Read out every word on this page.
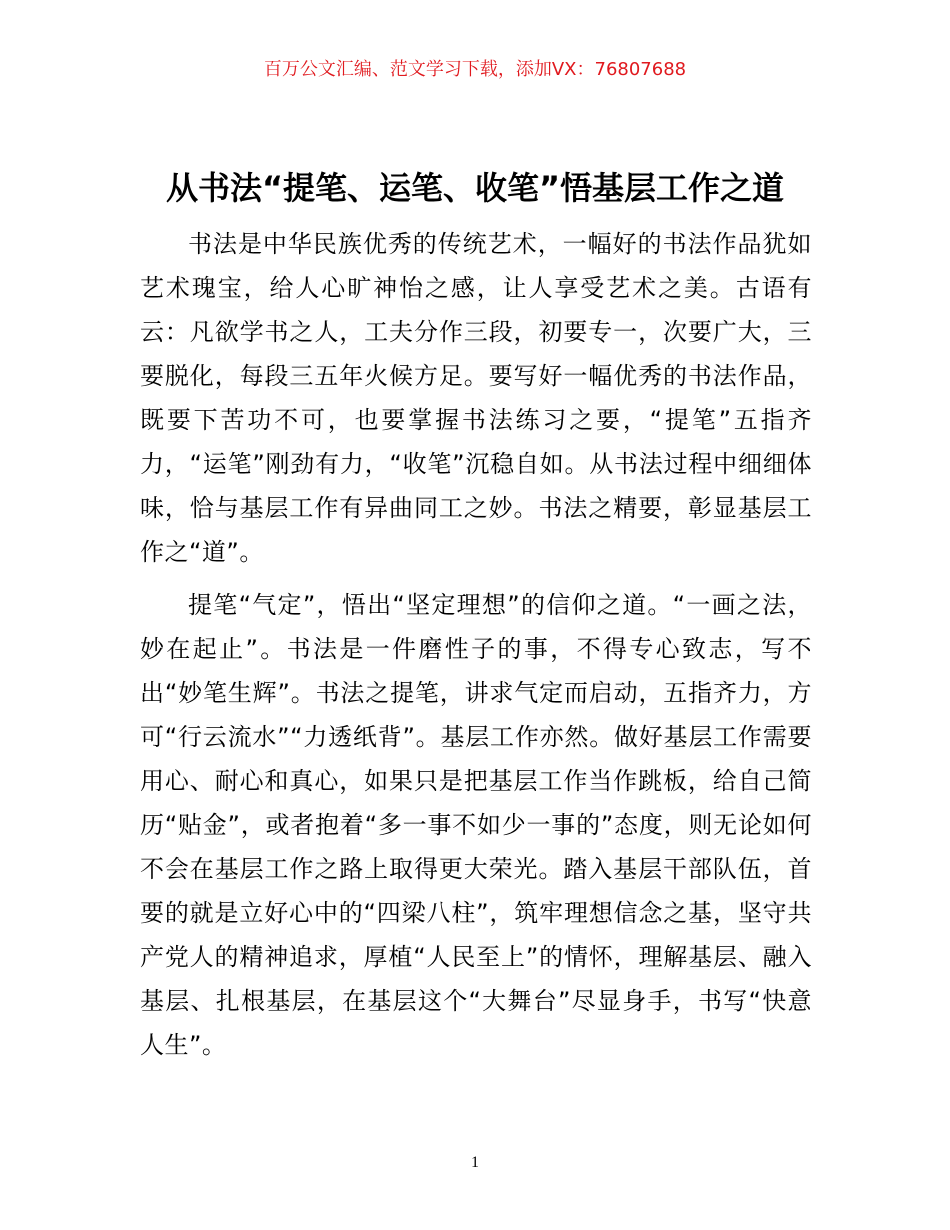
百万公文汇编、范文学习下载，添加VX：76807688
从书法“提笔、运笔、收笔”悟基层工作之道

书法是中华民族优秀的传统艺术，一幅好的书法作品犹如艺术瑰宝，给人心旷神怡之感，让人享受艺术之美。古语有云：凡欲学书之人，工夫分作三段，初要专一，次要广大，三要脱化，每段三五年火候方足。要写好一幅优秀的书法作品，既要下苦功不可，也要掌握书法练习之要，“提笔”五指齐力，“运笔”刚劲有力，“收笔”沉稳自如。从书法过程中细细体味，恰与基层工作有异曲同工之妙。书法之精要，彰显基层工作之“道”。

提笔“气定”，悟出“坚定理想”的信仰之道。“一画之法，妙在起止”。书法是一件磨性子的事，不得专心致志，写不出“妙笔生辉”。书法之提笔，讲求气定而启动，五指齐力，方可“行云流水”“力透纸背”。基层工作亦然。做好基层工作需要用心、耐心和真心，如果只是把基层工作当作跳板，给自己简历“贴金”，或者抱着“多一事不如少一事的”态度，则无论如何不会在基层工作之路上取得更大荣光。踏入基层干部队伍，首要的就是立好心中的“四梁八柱”，筑牢理想信念之基，坚守共产党人的精神追求，厚植“人民至上”的情怀，理解基层、融入基层、扎根基层，在基层这个“大舞台”尽显身手，书写“快意人生”。

1
